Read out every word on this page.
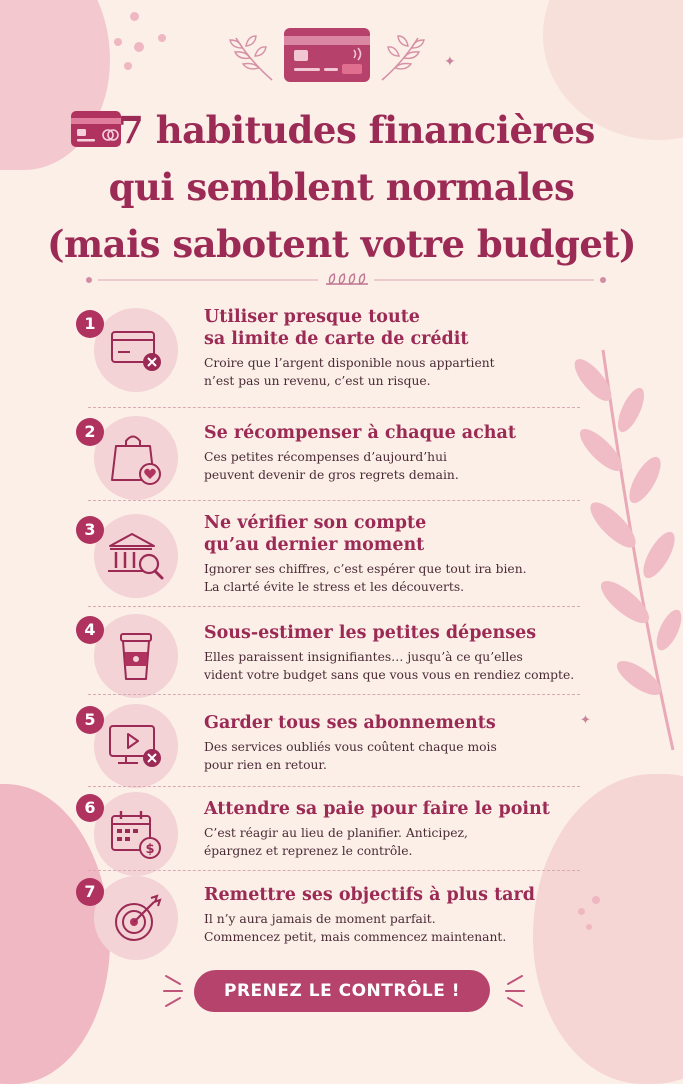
✦
✦
7 habitudes financières
qui semblent normales
(mais sabotent votre budget)
1	Utiliser presque toute
sa limite de carte de crédit

Croire que l’argent disponible nous appartient
n’est pas un revenu, c’est un risque.

2	Se récompenser à chaque achat

Ces petites récompenses d’aujourd’hui
peuvent devenir de gros regrets demain.

3	Ne vérifier son compte
qu’au dernier moment

Ignorer ses chiffres, c’est espérer que tout ira bien.
La clarté évite le stress et les découverts.

4	Sous-estimer les petites dépenses

Elles paraissent insignifiantes… jusqu’à ce qu’elles
vident votre budget sans que vous vous en rendiez compte.

5	Garder tous ses abonnements

Des services oubliés vous coûtent chaque mois
pour rien en retour.

$
6	Attendre sa paie pour faire le point

C’est réagir au lieu de planifier. Anticipez,
épargnez et reprenez le contrôle.

7	Remettre ses objectifs à plus tard

Il n’y aura jamais de moment parfait.
Commencez petit, mais commencez maintenant.

PRENEZ LE CONTRÔLE !
